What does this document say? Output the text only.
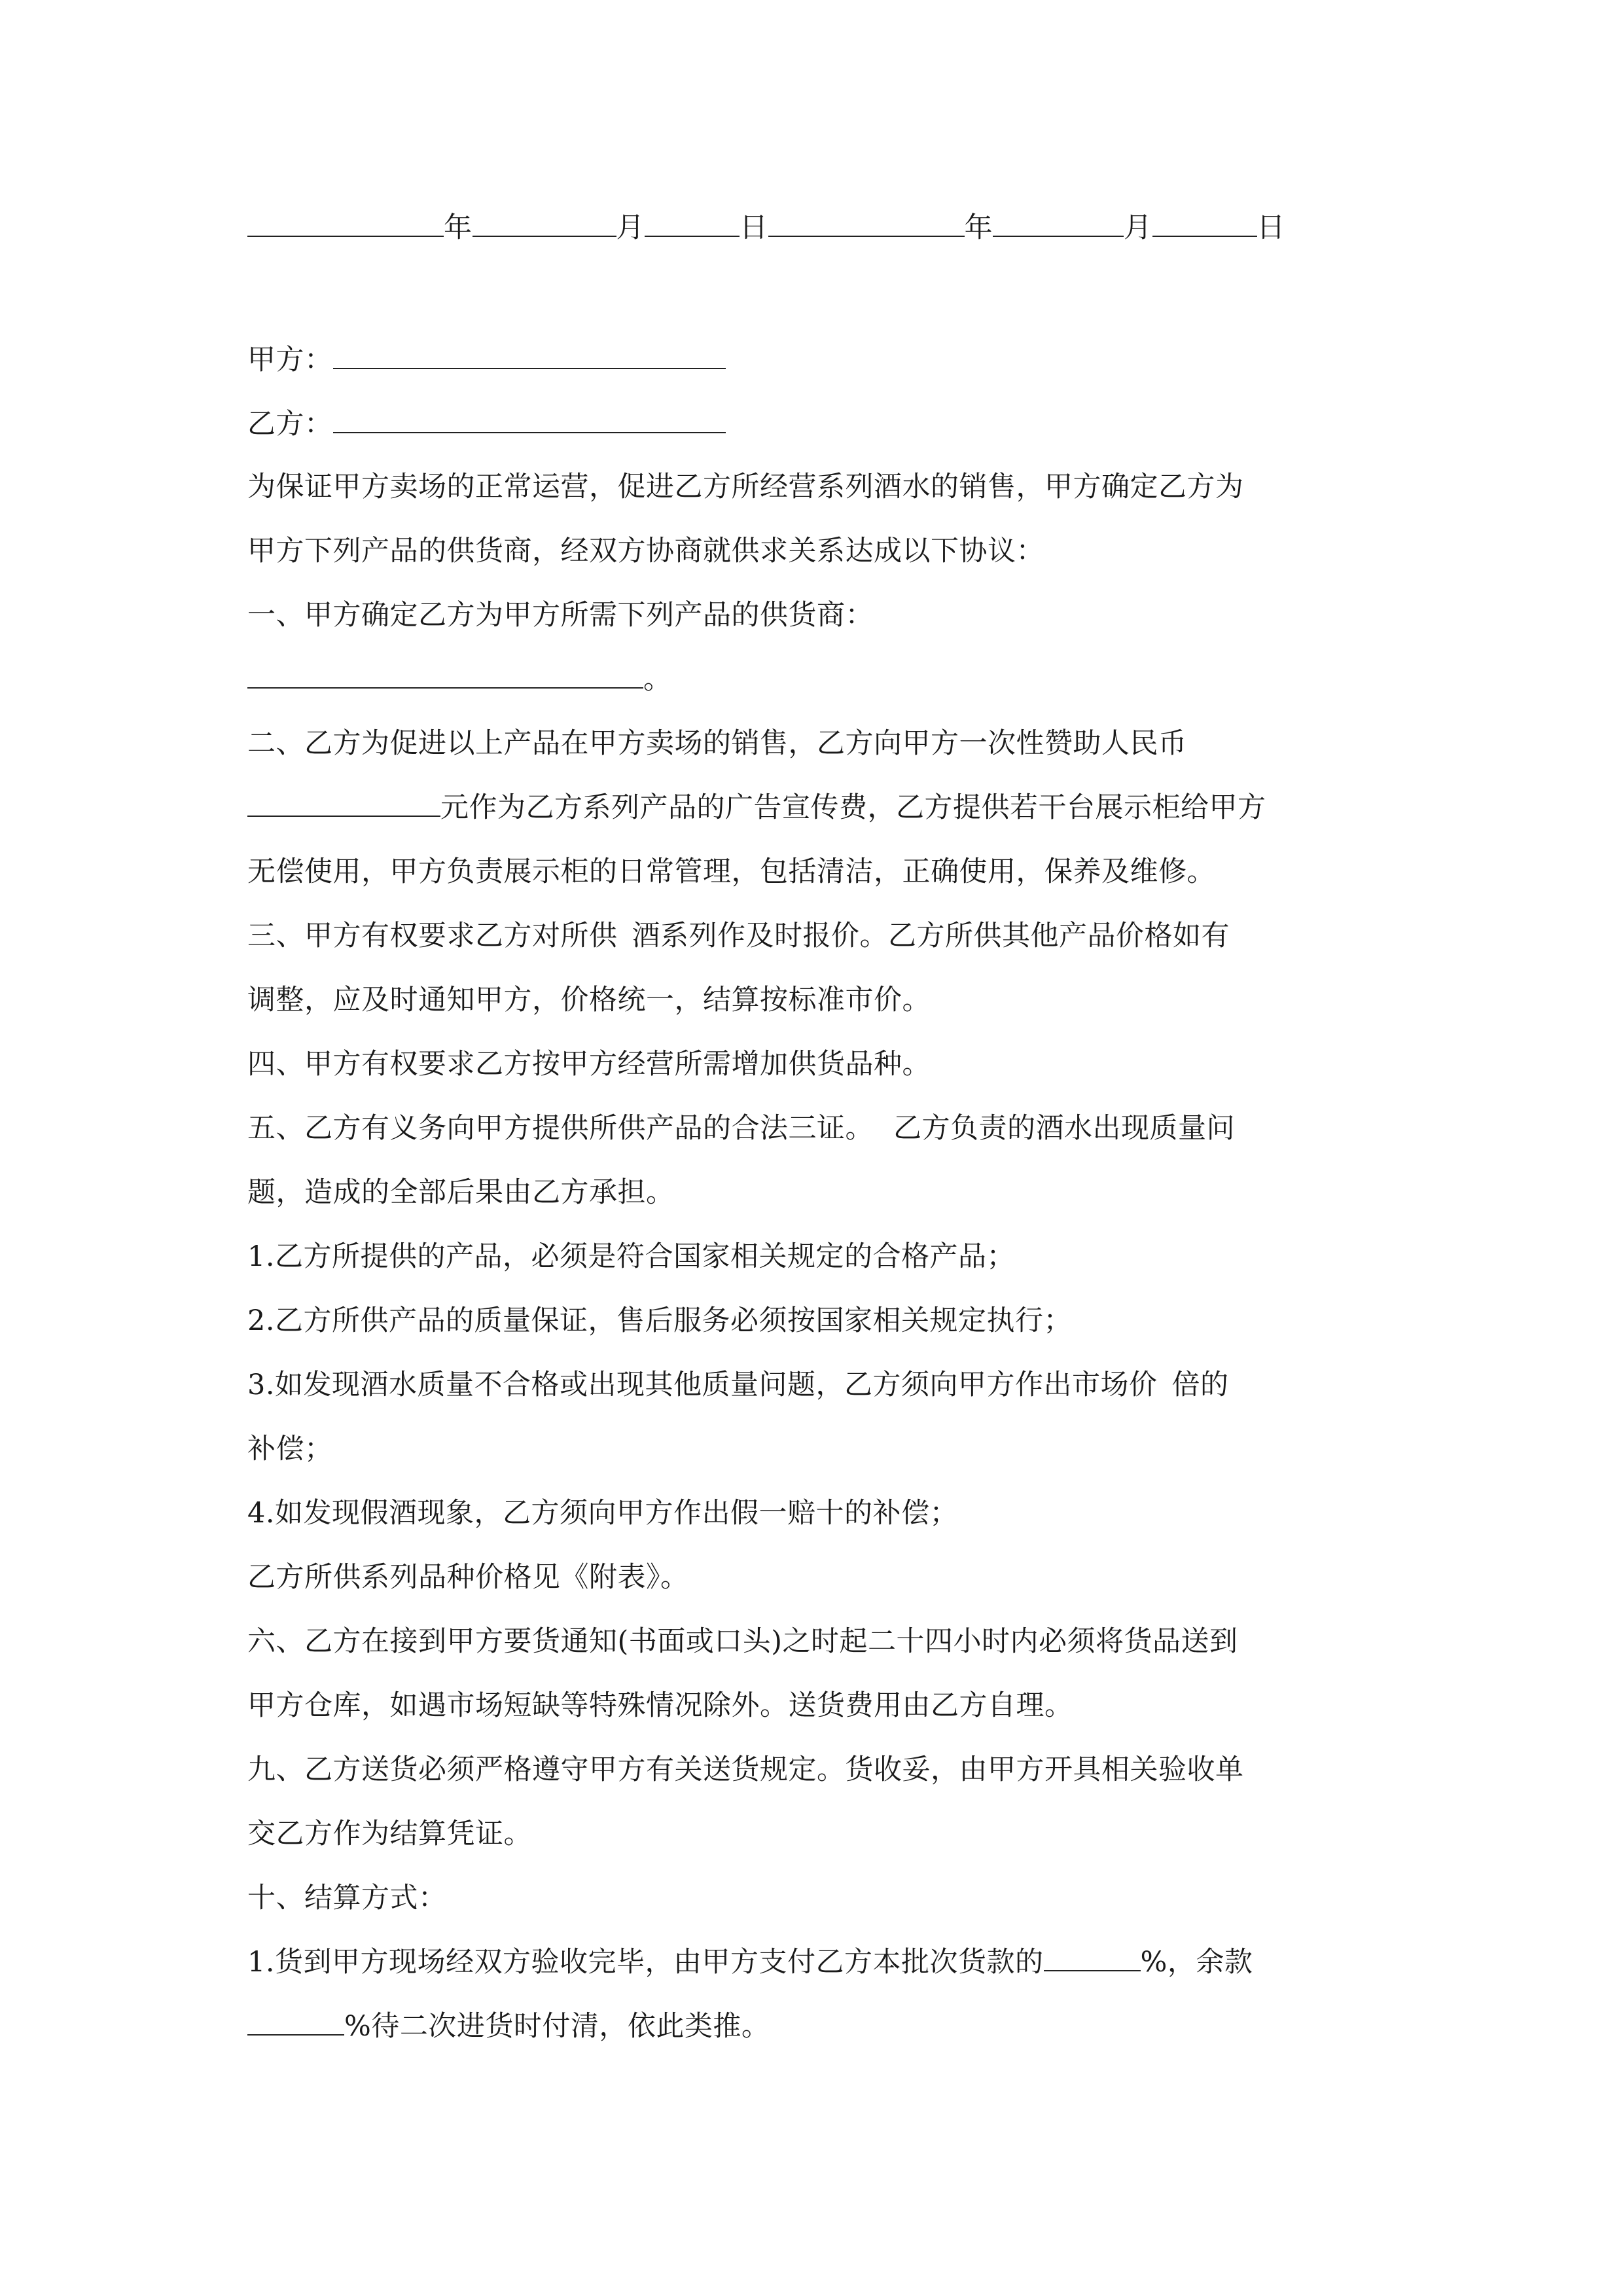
年	月	日	年	月	日
甲方：
乙方：
为保证甲方卖场的正常运营，促进乙方所经营系列酒水的销售，甲方确定乙方为
甲方下列产品的供货商，经双方协商就供求关系达成以下协议：
一、甲方确定乙方为甲方所需下列产品的供货商：
。
二、乙方为促进以上产品在甲方卖场的销售，乙方向甲方一次性赞助人民币
元作为乙方系列产品的广告宣传费，乙方提供若干台展示柜给甲方
无偿使用，甲方负责展示柜的日常管理，包括清洁，正确使用，保养及维修。
三、甲方有权要求乙方对所供 酒系列作及时报价。乙方所供其他产品价格如有
调整，应及时通知甲方，价格统一，结算按标准市价。
四、甲方有权要求乙方按甲方经营所需增加供货品种。
五、乙方有义务向甲方提供所供产品的合法三证。 乙方负责的酒水出现质量问
题，造成的全部后果由乙方承担。
1.乙方所提供的产品，必须是符合国家相关规定的合格产品；
2.乙方所供产品的质量保证，售后服务必须按国家相关规定执行；
3.如发现酒水质量不合格或出现其他质量问题，乙方须向甲方作出市场价 倍的
补偿；
4.如发现假酒现象，乙方须向甲方作出假一赔十的补偿；
乙方所供系列品种价格见《附表》。
六、乙方在接到甲方要货通知(书面或口头)之时起二十四小时内必须将货品送到
甲方仓库，如遇市场短缺等特殊情况除外。送货费用由乙方自理。
九、乙方送货必须严格遵守甲方有关送货规定。货收妥，由甲方开具相关验收单
交乙方作为结算凭证。
十、结算方式：
1.货到甲方现场经双方验收完毕，由甲方支付乙方本批次货款的	%，余款
%待二次进货时付清，依此类推。
